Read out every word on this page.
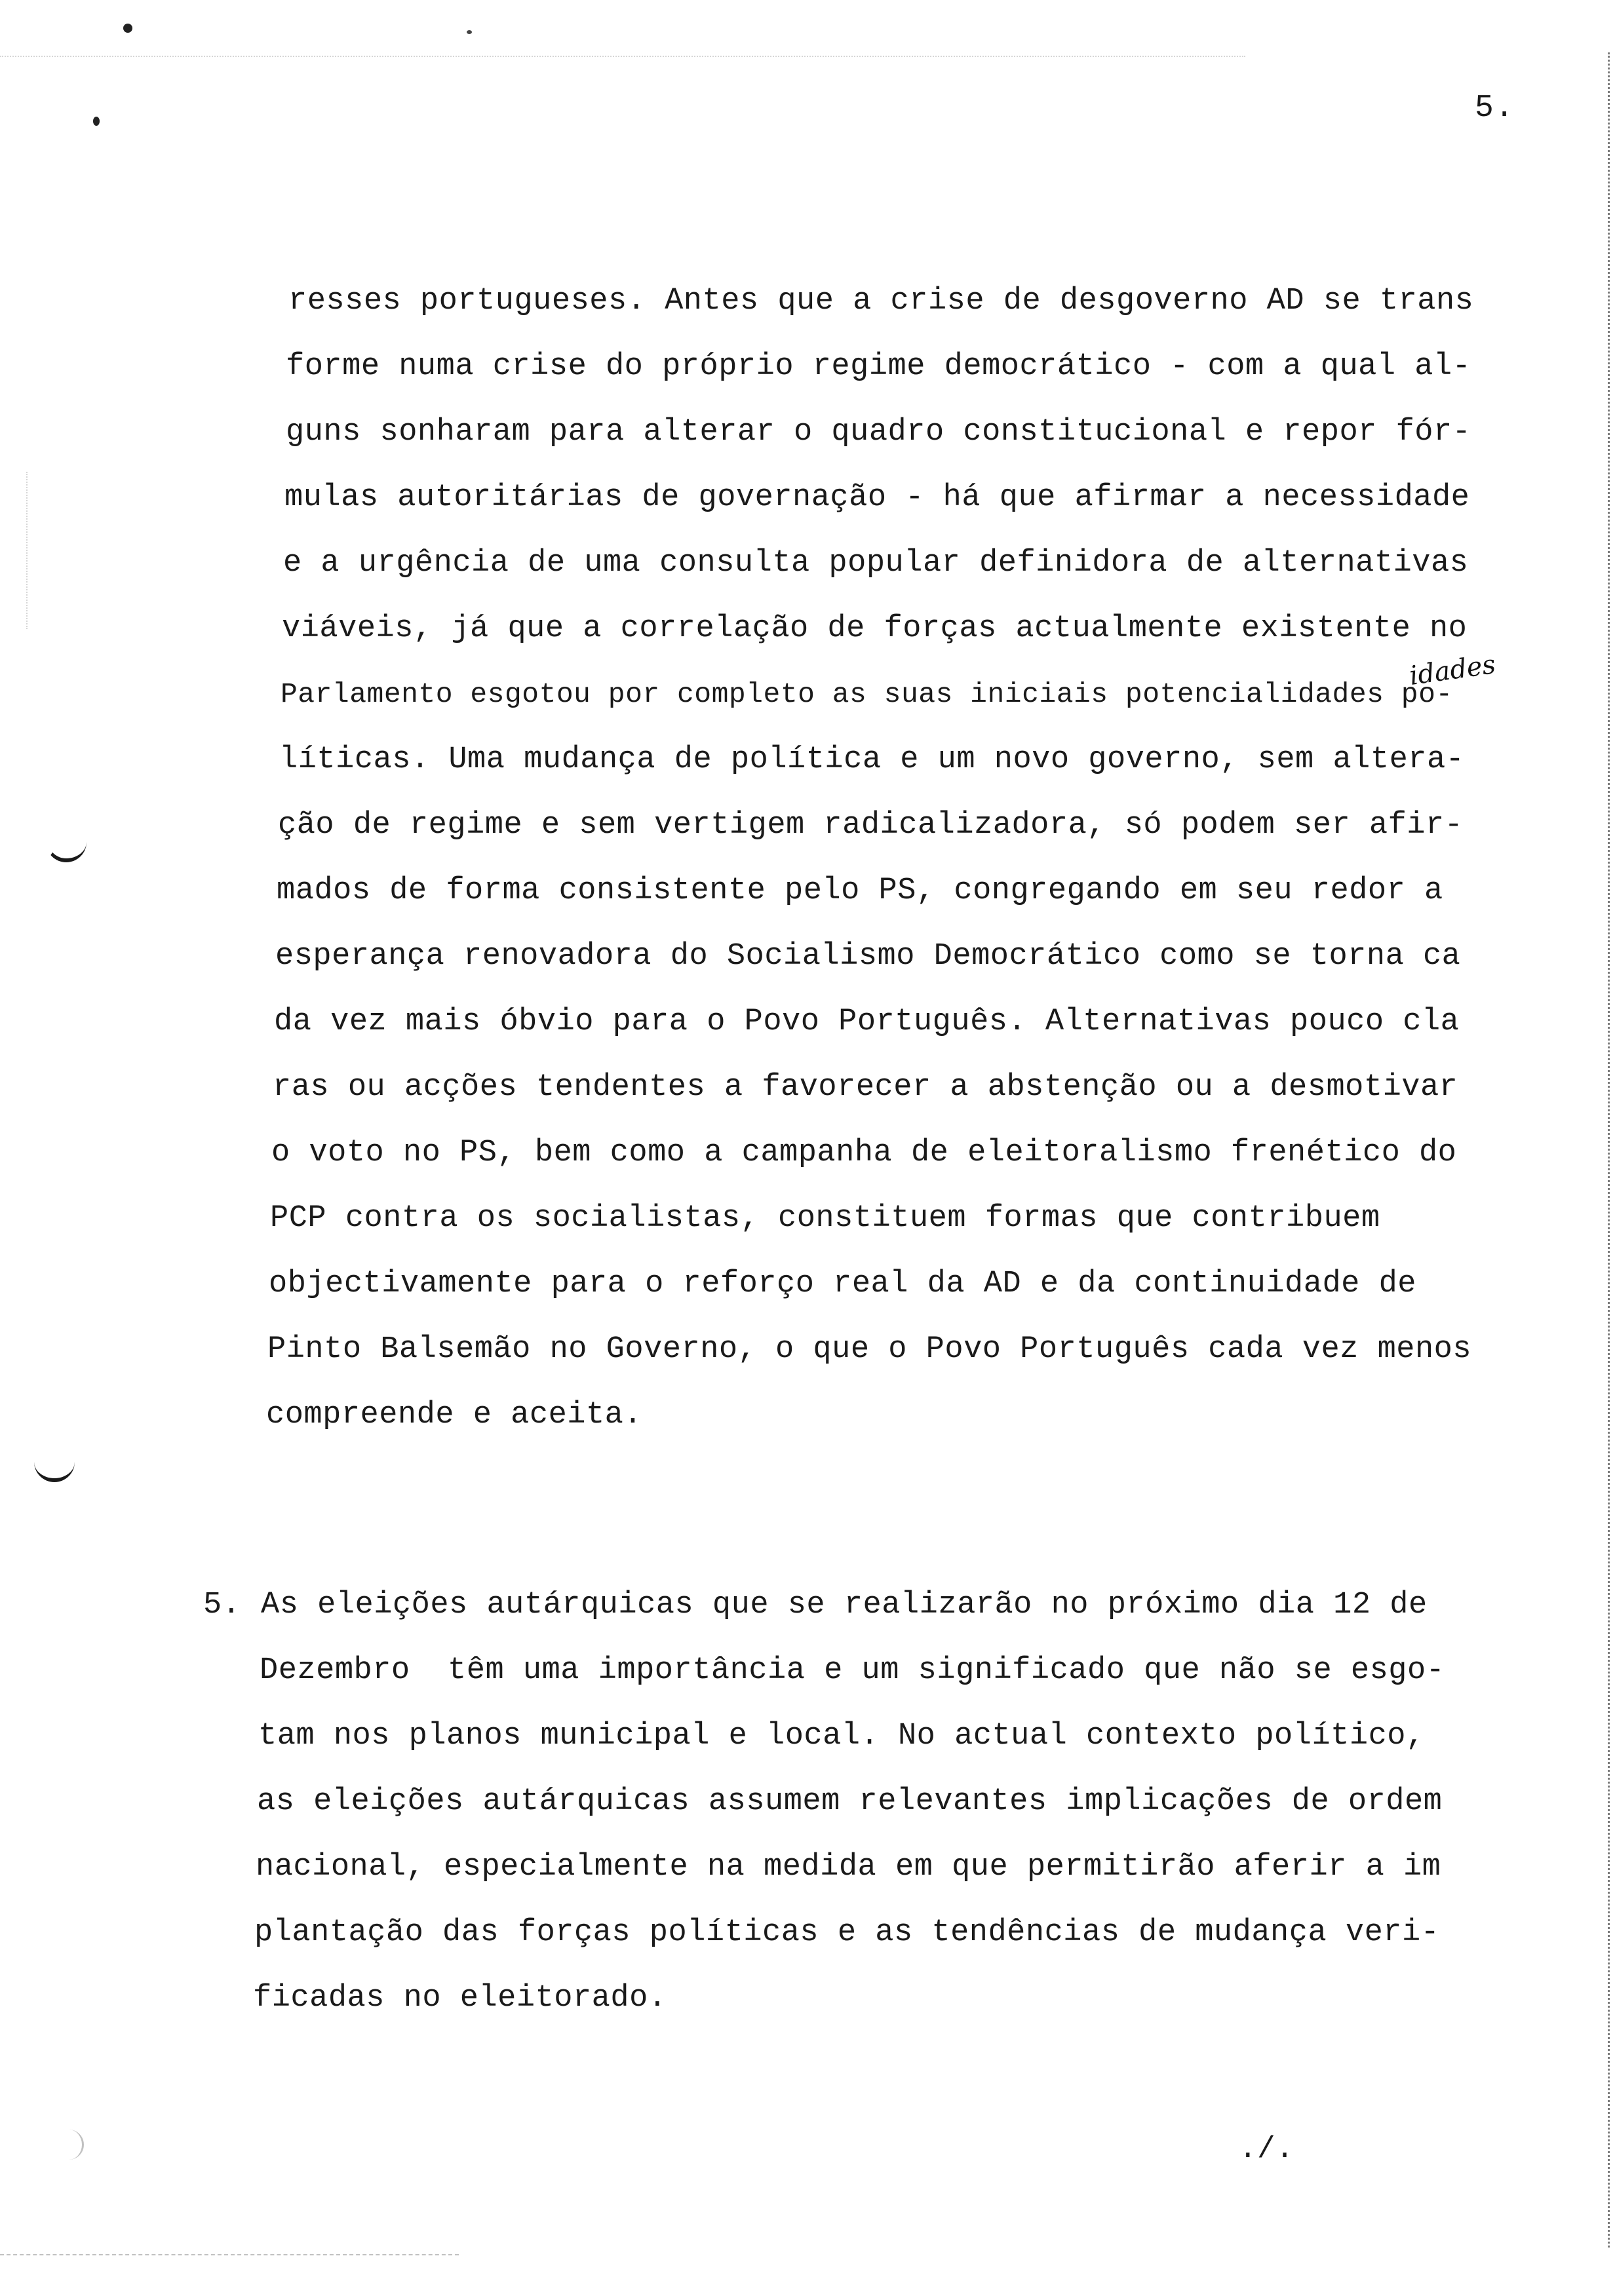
5.
resses portugueses. Antes que a crise de desgoverno AD se trans
forme numa crise do próprio regime democrático - com a qual al-
guns sonharam para alterar o quadro constitucional e repor fór-
mulas autoritárias de governação - há que afirmar a necessidade
e a urgência de uma consulta popular definidora de alternativas
viáveis, já que a correlação de forças actualmente existente no
Parlamento esgotou por completo as suas iniciais potencialidades po-
líticas. Uma mudança de política e um novo governo, sem altera-
ção de regime e sem vertigem radicalizadora, só podem ser afir-
mados de forma consistente pelo PS, congregando em seu redor a
esperança renovadora do Socialismo Democrático como se torna ca
da vez mais óbvio para o Povo Português. Alternativas pouco cla
ras ou acções tendentes a favorecer a abstenção ou a desmotivar
o voto no PS, bem como a campanha de eleitoralismo frenético do
PCP contra os socialistas, constituem formas que contribuem
objectivamente para o reforço real da AD e da continuidade de
Pinto Balsemão no Governo, o que o Povo Português cada vez menos
compreende e aceita.
idades
5. As eleições autárquicas que se realizarão no próximo dia 12 de
Dezembro  têm uma importância e um significado que não se esgo-
tam nos planos municipal e local. No actual contexto político,
as eleições autárquicas assumem relevantes implicações de ordem
nacional, especialmente na medida em que permitirão aferir a im
plantação das forças políticas e as tendências de mudança veri-
ficadas no eleitorado.
./.
